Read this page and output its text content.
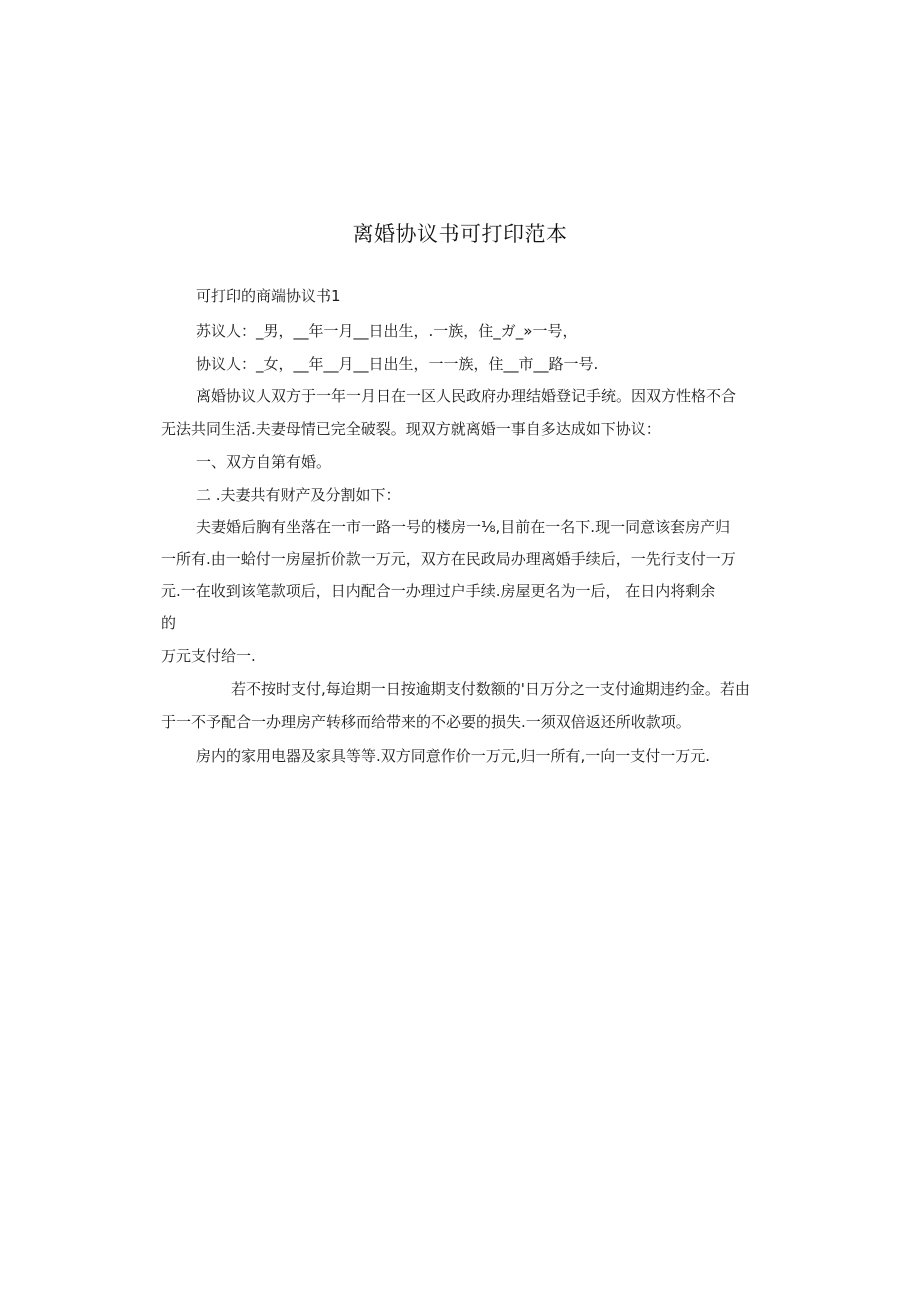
离婚协议书可打印范本
可打印的商端协议书1
苏议人：_男，__年一月__日出生，.一族，住_ガ_»一号，
协议人：_女，__年__月__日出生，一一族，住__市__路一号.
离婚协议人双方于一年一月日在一区人民政府办理结婚登记手统。因双方性格不合
无法共同生活.夫妻母情已完全破裂。现双方就离婚一事自多达成如下协议：
一、双方自第有婚。
二 .夫妻共有财产及分割如下：
夫妻婚后胸有坐落在一市一路一号的楼房一⅛,目前在一名下.现一同意该套房产归
一所有.由一蛤付一房屋折价款一万元，双方在民政局办理离婚手续后，一先行支付一万
元.一在收到该笔款项后，日内配合一办理过户手续.房屋更名为一后， 在日内将剩余
的
万元支付给一.
若不按时支付,每迨期一日按逾期支付数额的'日万分之一支付逾期违约金。若由
于一不予配合一办理房产转移而给带来的不必要的损失.一须双倍返还所收款项。
房内的家用电器及家具等等.双方同意作价一万元,归一所有,一向一支付一万元.
